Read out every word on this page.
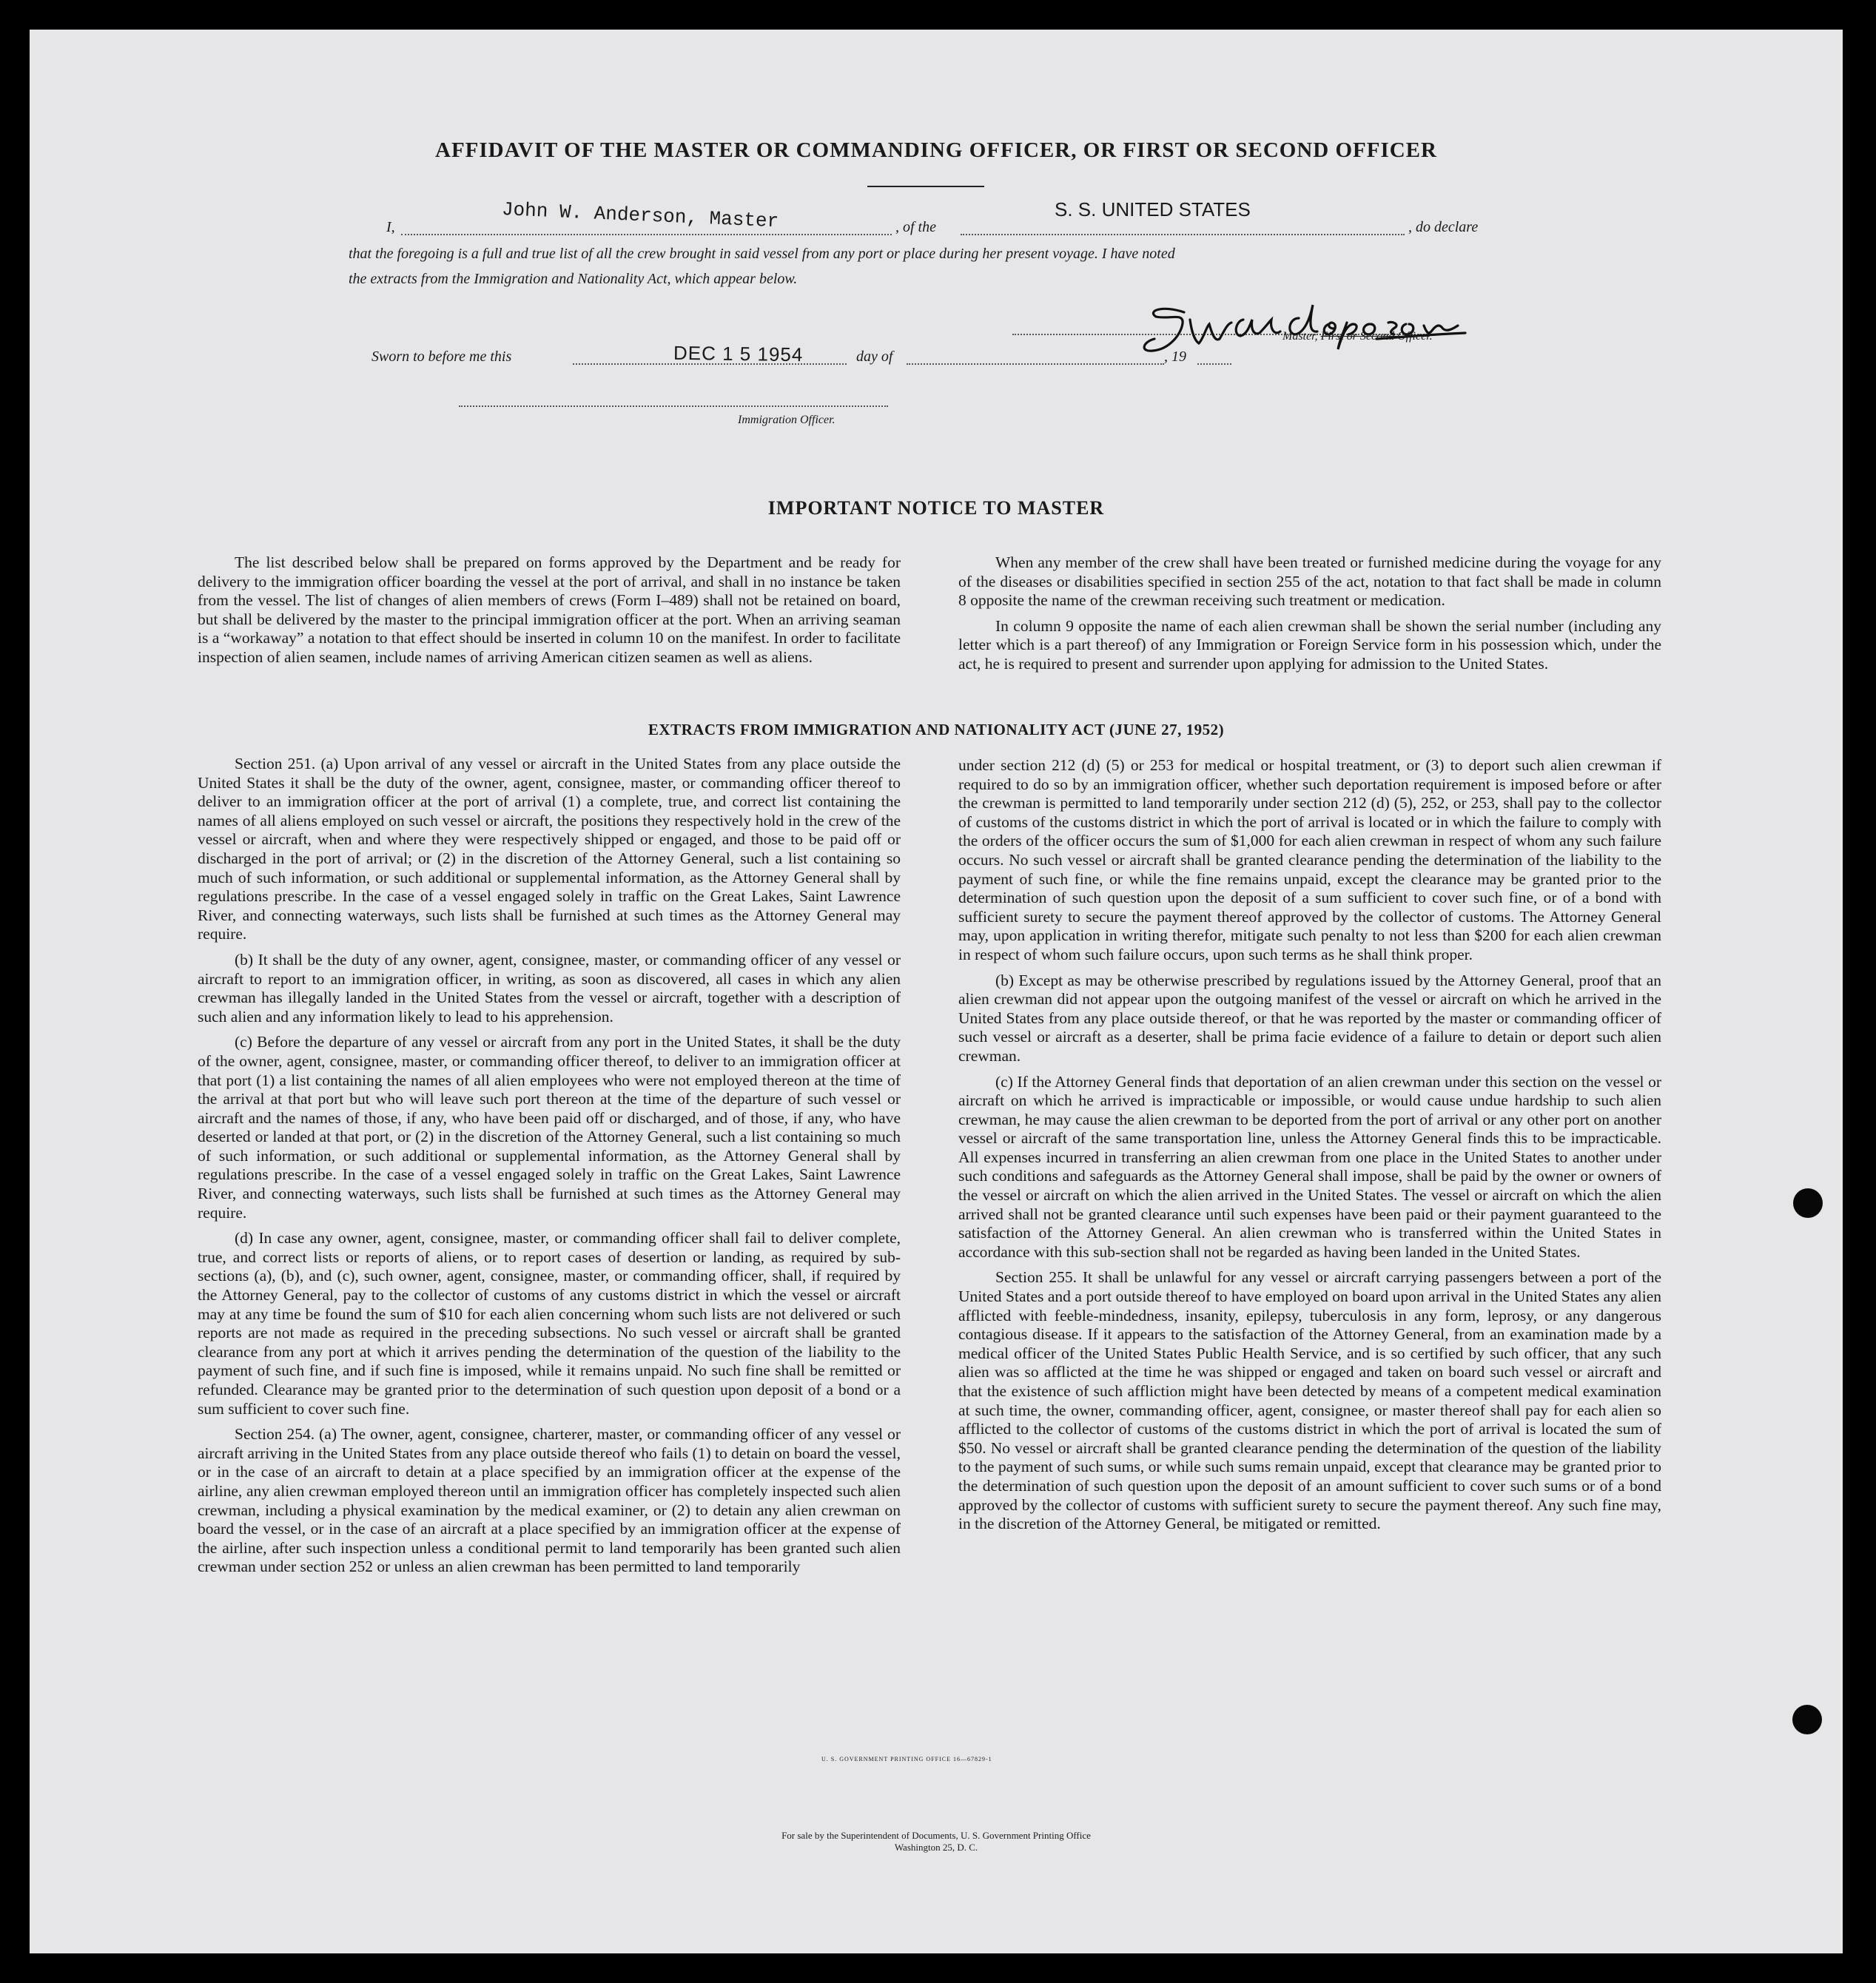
AFFIDAVIT OF THE MASTER OR COMMANDING OFFICER, OR FIRST OR SECOND OFFICER
I,	John W. Anderson, Master	, of the
S. S. UNITED STATES
, do declare
that the foregoing is a full and true list of all the crew brought in said vessel from any port or place during her present voyage. I have noted
the extracts from the Immigration and Nationality Act, which appear below.
Master, First or Second Officer.
Sworn to before me this	DEC 1 5 1954	day of	, 19
Immigration Officer.
IMPORTANT NOTICE TO MASTER

The list described below shall be prepared on forms approved by the Department and be ready for delivery to the immigration officer boarding the vessel at the port of arrival, and shall in no instance be taken from the vessel. The list of changes of alien members of crews (Form I–489) shall not be retained on board, but shall be delivered by the master to the principal immigration officer at the port. When an arriving seaman is a “workaway” a notation to that effect should be inserted in column 10 on the manifest. In order to facilitate inspection of alien seamen, include names of arriving American citizen seamen as well as aliens.

When any member of the crew shall have been treated or furnished medicine during the voyage for any of the diseases or disabilities specified in section 255 of the act, notation to that fact shall be made in column 8 opposite the name of the crewman receiving such treatment or medication.

In column 9 opposite the name of each alien crewman shall be shown the serial number (including any letter which is a part thereof) of any Immigration or Foreign Service form in his possession which, under the act, he is required to present and surrender upon applying for admission to the United States.

EXTRACTS FROM IMMIGRATION AND NATIONALITY ACT (JUNE 27, 1952)

Section 251. (a) Upon arrival of any vessel or aircraft in the United States from any place outside the United States it shall be the duty of the owner, agent, consignee, master, or commanding officer thereof to deliver to an immigration officer at the port of arrival (1) a complete, true, and correct list containing the names of all aliens employed on such vessel or aircraft, the positions they respectively hold in the crew of the vessel or aircraft, when and where they were respectively shipped or engaged, and those to be paid off or discharged in the port of arrival; or (2) in the discretion of the Attorney General, such a list containing so much of such information, or such additional or supplemental information, as the Attorney General shall by regulations prescribe. In the case of a vessel engaged solely in traffic on the Great Lakes, Saint Lawrence River, and connecting waterways, such lists shall be furnished at such times as the Attorney General may require.

(b) It shall be the duty of any owner, agent, consignee, master, or commanding officer of any vessel or aircraft to report to an immigration officer, in writing, as soon as discovered, all cases in which any alien crewman has illegally landed in the United States from the vessel or aircraft, together with a description of such alien and any information likely to lead to his apprehension.

(c) Before the departure of any vessel or aircraft from any port in the United States, it shall be the duty of the owner, agent, consignee, master, or commanding officer thereof, to deliver to an immigration officer at that port (1) a list containing the names of all alien employees who were not employed thereon at the time of the arrival at that port but who will leave such port thereon at the time of the departure of such vessel or aircraft and the names of those, if any, who have been paid off or discharged, and of those, if any, who have deserted or landed at that port, or (2) in the discretion of the Attorney General, such a list containing so much of such information, or such additional or supplemental information, as the Attorney General shall by regulations prescribe. In the case of a vessel engaged solely in traffic on the Great Lakes, Saint Lawrence River, and connecting waterways, such lists shall be furnished at such times as the Attorney General may require.

(d) In case any owner, agent, consignee, master, or commanding officer shall fail to deliver complete, true, and correct lists or reports of aliens, or to report cases of desertion or landing, as required by sub-sections (a), (b), and (c), such owner, agent, consignee, master, or commanding officer, shall, if required by the Attorney General, pay to the collector of customs of any customs district in which the vessel or aircraft may at any time be found the sum of $10 for each alien concerning whom such lists are not delivered or such reports are not made as required in the preceding subsections. No such vessel or aircraft shall be granted clearance from any port at which it arrives pending the determination of the question of the liability to the payment of such fine, and if such fine is imposed, while it remains unpaid. No such fine shall be remitted or refunded. Clearance may be granted prior to the determination of such question upon deposit of a bond or a sum sufficient to cover such fine.

Section 254. (a) The owner, agent, consignee, charterer, master, or commanding officer of any vessel or aircraft arriving in the United States from any place outside thereof who fails (1) to detain on board the vessel, or in the case of an aircraft to detain at a place specified by an immigration officer at the expense of the airline, any alien crewman employed thereon until an immigration officer has completely inspected such alien crewman, including a physical examination by the medical examiner, or (2) to detain any alien crewman on board the vessel, or in the case of an aircraft at a place specified by an immigration officer at the expense of the airline, after such inspection unless a conditional permit to land temporarily has been granted such alien crewman under section 252 or unless an alien crewman has been permitted to land temporarily

under section 212 (d) (5) or 253 for medical or hospital treatment, or (3) to deport such alien crewman if required to do so by an immigration officer, whether such deportation requirement is imposed before or after the crewman is permitted to land temporarily under section 212 (d) (5), 252, or 253, shall pay to the collector of customs of the customs district in which the port of arrival is located or in which the failure to comply with the orders of the officer occurs the sum of $1,000 for each alien crewman in respect of whom any such failure occurs. No such vessel or aircraft shall be granted clearance pending the determination of the liability to the payment of such fine, or while the fine remains unpaid, except the clearance may be granted prior to the determination of such question upon the deposit of a sum sufficient to cover such fine, or of a bond with sufficient surety to secure the payment thereof approved by the collector of customs. The Attorney General may, upon application in writing therefor, mitigate such penalty to not less than $200 for each alien crewman in respect of whom such failure occurs, upon such terms as he shall think proper.

(b) Except as may be otherwise prescribed by regulations issued by the Attorney General, proof that an alien crewman did not appear upon the outgoing manifest of the vessel or aircraft on which he arrived in the United States from any place outside thereof, or that he was reported by the master or commanding officer of such vessel or aircraft as a deserter, shall be prima facie evidence of a failure to detain or deport such alien crewman.

(c) If the Attorney General finds that deportation of an alien crewman under this section on the vessel or aircraft on which he arrived is impracticable or impossible, or would cause undue hardship to such alien crewman, he may cause the alien crewman to be deported from the port of arrival or any other port on another vessel or aircraft of the same transportation line, unless the Attorney General finds this to be impracticable. All expenses incurred in transferring an alien crewman from one place in the United States to another under such conditions and safeguards as the Attorney General shall impose, shall be paid by the owner or owners of the vessel or aircraft on which the alien arrived in the United States. The vessel or aircraft on which the alien arrived shall not be granted clearance until such expenses have been paid or their payment guaranteed to the satisfaction of the Attorney General. An alien crewman who is transferred within the United States in accordance with this sub-section shall not be regarded as having been landed in the United States.

Section 255. It shall be unlawful for any vessel or aircraft carrying passengers between a port of the United States and a port outside thereof to have employed on board upon arrival in the United States any alien afflicted with feeble-mindedness, insanity, epilepsy, tuberculosis in any form, leprosy, or any dangerous contagious disease. If it appears to the satisfaction of the Attorney General, from an examination made by a medical officer of the United States Public Health Service, and is so certified by such officer, that any such alien was so afflicted at the time he was shipped or engaged and taken on board such vessel or aircraft and that the existence of such affliction might have been detected by means of a competent medical examination at such time, the owner, commanding officer, agent, consignee, or master thereof shall pay for each alien so afflicted to the collector of customs of the customs district in which the port of arrival is located the sum of $50. No vessel or aircraft shall be granted clearance pending the determination of the question of the liability to the payment of such sums, or while such sums remain unpaid, except that clearance may be granted prior to the determination of such question upon the deposit of an amount sufficient to cover such sums or of a bond approved by the collector of customs with sufficient surety to secure the payment thereof. Any such fine may, in the discretion of the Attorney General, be mitigated or remitted.

U. S. GOVERNMENT PRINTING OFFICE 16—67829-1
For sale by the Superintendent of Documents, U. S. Government Printing Office
Washington 25, D. C.
